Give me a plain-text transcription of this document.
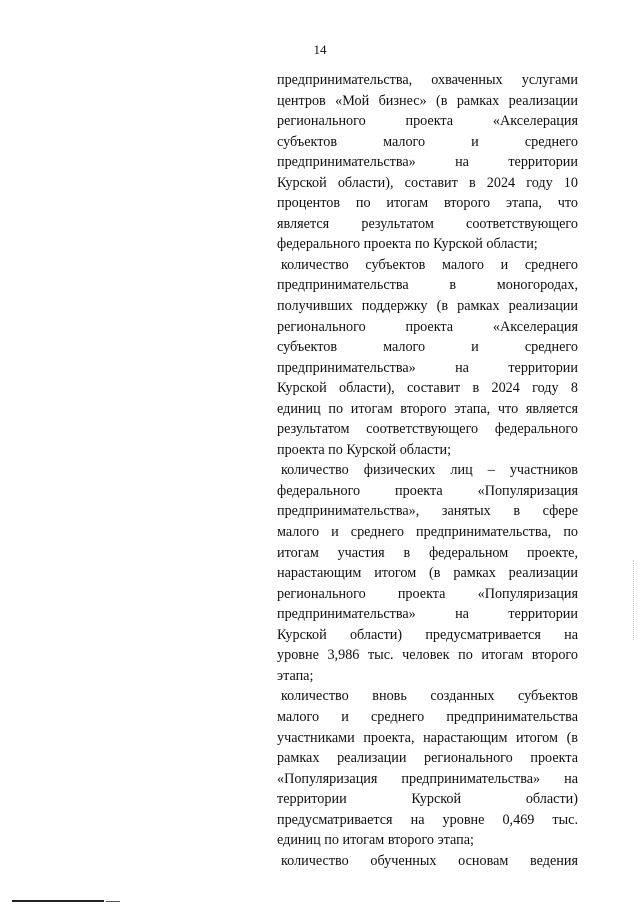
14
предпринимательства, охваченных услугами
центров «Мой бизнес» (в рамках реализации
регионального проекта «Акселерация
субъектов малого и среднего
предпринимательства» на территории
Курской области), составит в 2024 году 10
процентов по итогам второго этапа, что
является результатом соответствующего
федерального проекта по Курской области;
количество субъектов малого и среднего
предпринимательства в моногородах,
получивших поддержку (в рамках реализации
регионального проекта «Акселерация
субъектов малого и среднего
предпринимательства» на территории
Курской области), составит в 2024 году 8
единиц по итогам второго этапа, что является
результатом соответствующего федерального
проекта по Курской области;
количество физических лиц – участников
федерального проекта «Популяризация
предпринимательства», занятых в сфере
малого и среднего предпринимательства, по
итогам участия в федеральном проекте,
нарастающим итогом (в рамках реализации
регионального проекта «Популяризация
предпринимательства» на территории
Курской области) предусматривается на
уровне 3,986 тыс. человек по итогам второго
этапа;
количество вновь созданных субъектов
малого и среднего предпринимательства
участниками проекта, нарастающим итогом (в
рамках реализации регионального проекта
«Популяризация предпринимательства» на
территории Курской области)
предусматривается на уровне 0,469 тыс.
единиц по итогам второго этапа;
количество обученных основам ведения
